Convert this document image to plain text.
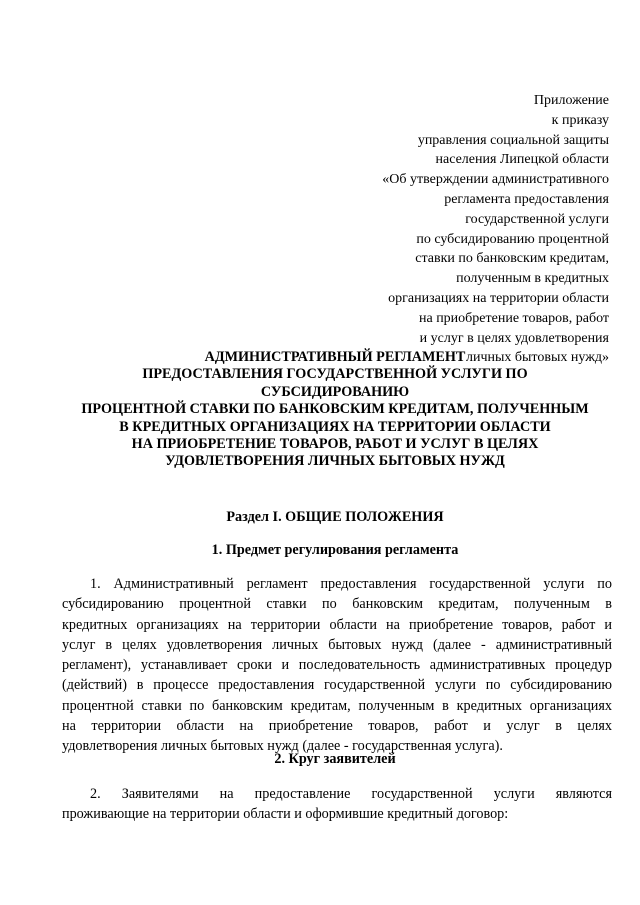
Приложение
к приказу
управления социальной защиты
населения Липецкой области
«Об утверждении административного
регламента предоставления
государственной услуги
по субсидированию процентной
ставки по банковским кредитам,
полученным в кредитных
организациях на территории области
на приобретение товаров, работ
и услуг в целях удовлетворения
личных бытовых нужд»
АДМИНИСТРАТИВНЫЙ РЕГЛАМЕНТ
ПРЕДОСТАВЛЕНИЯ ГОСУДАРСТВЕННОЙ УСЛУГИ ПО
СУБСИДИРОВАНИЮ
ПРОЦЕНТНОЙ СТАВКИ ПО БАНКОВСКИМ КРЕДИТАМ, ПОЛУЧЕННЫМ
В КРЕДИТНЫХ ОРГАНИЗАЦИЯХ НА ТЕРРИТОРИИ ОБЛАСТИ
НА ПРИОБРЕТЕНИЕ ТОВАРОВ, РАБОТ И УСЛУГ В ЦЕЛЯХ
УДОВЛЕТВОРЕНИЯ ЛИЧНЫХ БЫТОВЫХ НУЖД
Раздел I. ОБЩИЕ ПОЛОЖЕНИЯ
1. Предмет регулирования регламента
1. Административный регламент предоставления государственной услуги по
субсидированию процентной ставки по банковским кредитам, полученным в
кредитных организациях на территории области на приобретение товаров, работ и
услуг в целях удовлетворения личных бытовых нужд (далее - административный
регламент), устанавливает сроки и последовательность административных процедур
(действий) в процессе предоставления государственной услуги по субсидированию
процентной ставки по банковским кредитам, полученным в кредитных организациях
на территории области на приобретение товаров, работ и услуг в целях
удовлетворения личных бытовых нужд (далее - государственная услуга).
2. Круг заявителей
2. Заявителями на предоставление государственной услуги являются
проживающие на территории области и оформившие кредитный договор:
